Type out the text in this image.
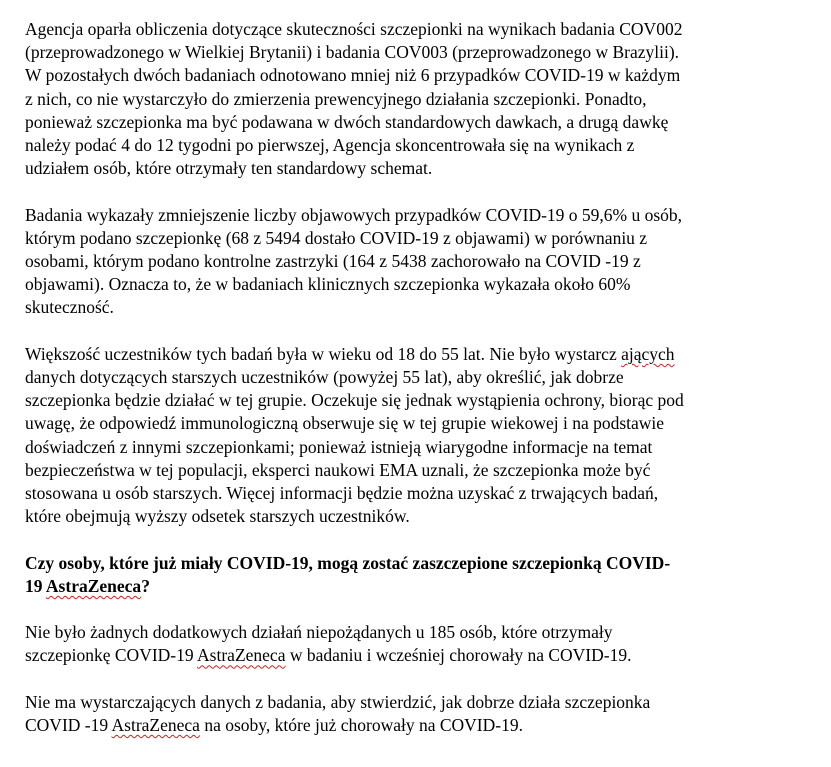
Agencja oparła obliczenia dotyczące skuteczności szczepionki na wynikach badania COV002
(przeprowadzonego w Wielkiej Brytanii) i badania COV003 (przeprowadzonego w Brazylii).
W pozostałych dwóch badaniach odnotowano mniej niż 6 przypadków COVID-19 w każdym
z nich, co nie wystarczyło do zmierzenia prewencyjnego działania szczepionki. Ponadto,
ponieważ szczepionka ma być podawana w dwóch standardowych dawkach, a drugą dawkę
należy podać 4 do 12 tygodni po pierwszej, Agencja skoncentrowała się na wynikach z
udziałem osób, które otrzymały ten standardowy schemat.

Badania wykazały zmniejszenie liczby objawowych przypadków COVID-19 o 59,6% u osób,
którym podano szczepionkę (68 z 5494 dostało COVID-19 z objawami) w porównaniu z
osobami, którym podano kontrolne zastrzyki (164 z 5438 zachorowało na COVID -19 z
objawami). Oznacza to, że w badaniach klinicznych szczepionka wykazała około 60%
skuteczność.

Większość uczestników tych badań była w wieku od 18 do 55 lat. Nie było wystarcz ających
danych dotyczących starszych uczestników (powyżej 55 lat), aby określić, jak dobrze
szczepionka będzie działać w tej grupie. Oczekuje się jednak wystąpienia ochrony, biorąc pod
uwagę, że odpowiedź immunologiczną obserwuje się w tej grupie wiekowej i na podstawie
doświadczeń z innymi szczepionkami; ponieważ istnieją wiarygodne informacje na temat
bezpieczeństwa w tej populacji, eksperci naukowi EMA uznali, że szczepionka może być
stosowana u osób starszych. Więcej informacji będzie można uzyskać z trwających badań,
które obejmują wyższy odsetek starszych uczestników.

Czy osoby, które już miały COVID-19, mogą zostać zaszczepione szczepionką COVID-
19 AstraZeneca?

Nie było żadnych dodatkowych działań niepożądanych u 185 osób, które otrzymały
szczepionkę COVID-19 AstraZeneca w badaniu i wcześniej chorowały na COVID-19.

Nie ma wystarczających danych z badania, aby stwierdzić, jak dobrze działa szczepionka
COVID -19 AstraZeneca na osoby, które już chorowały na COVID-19.
